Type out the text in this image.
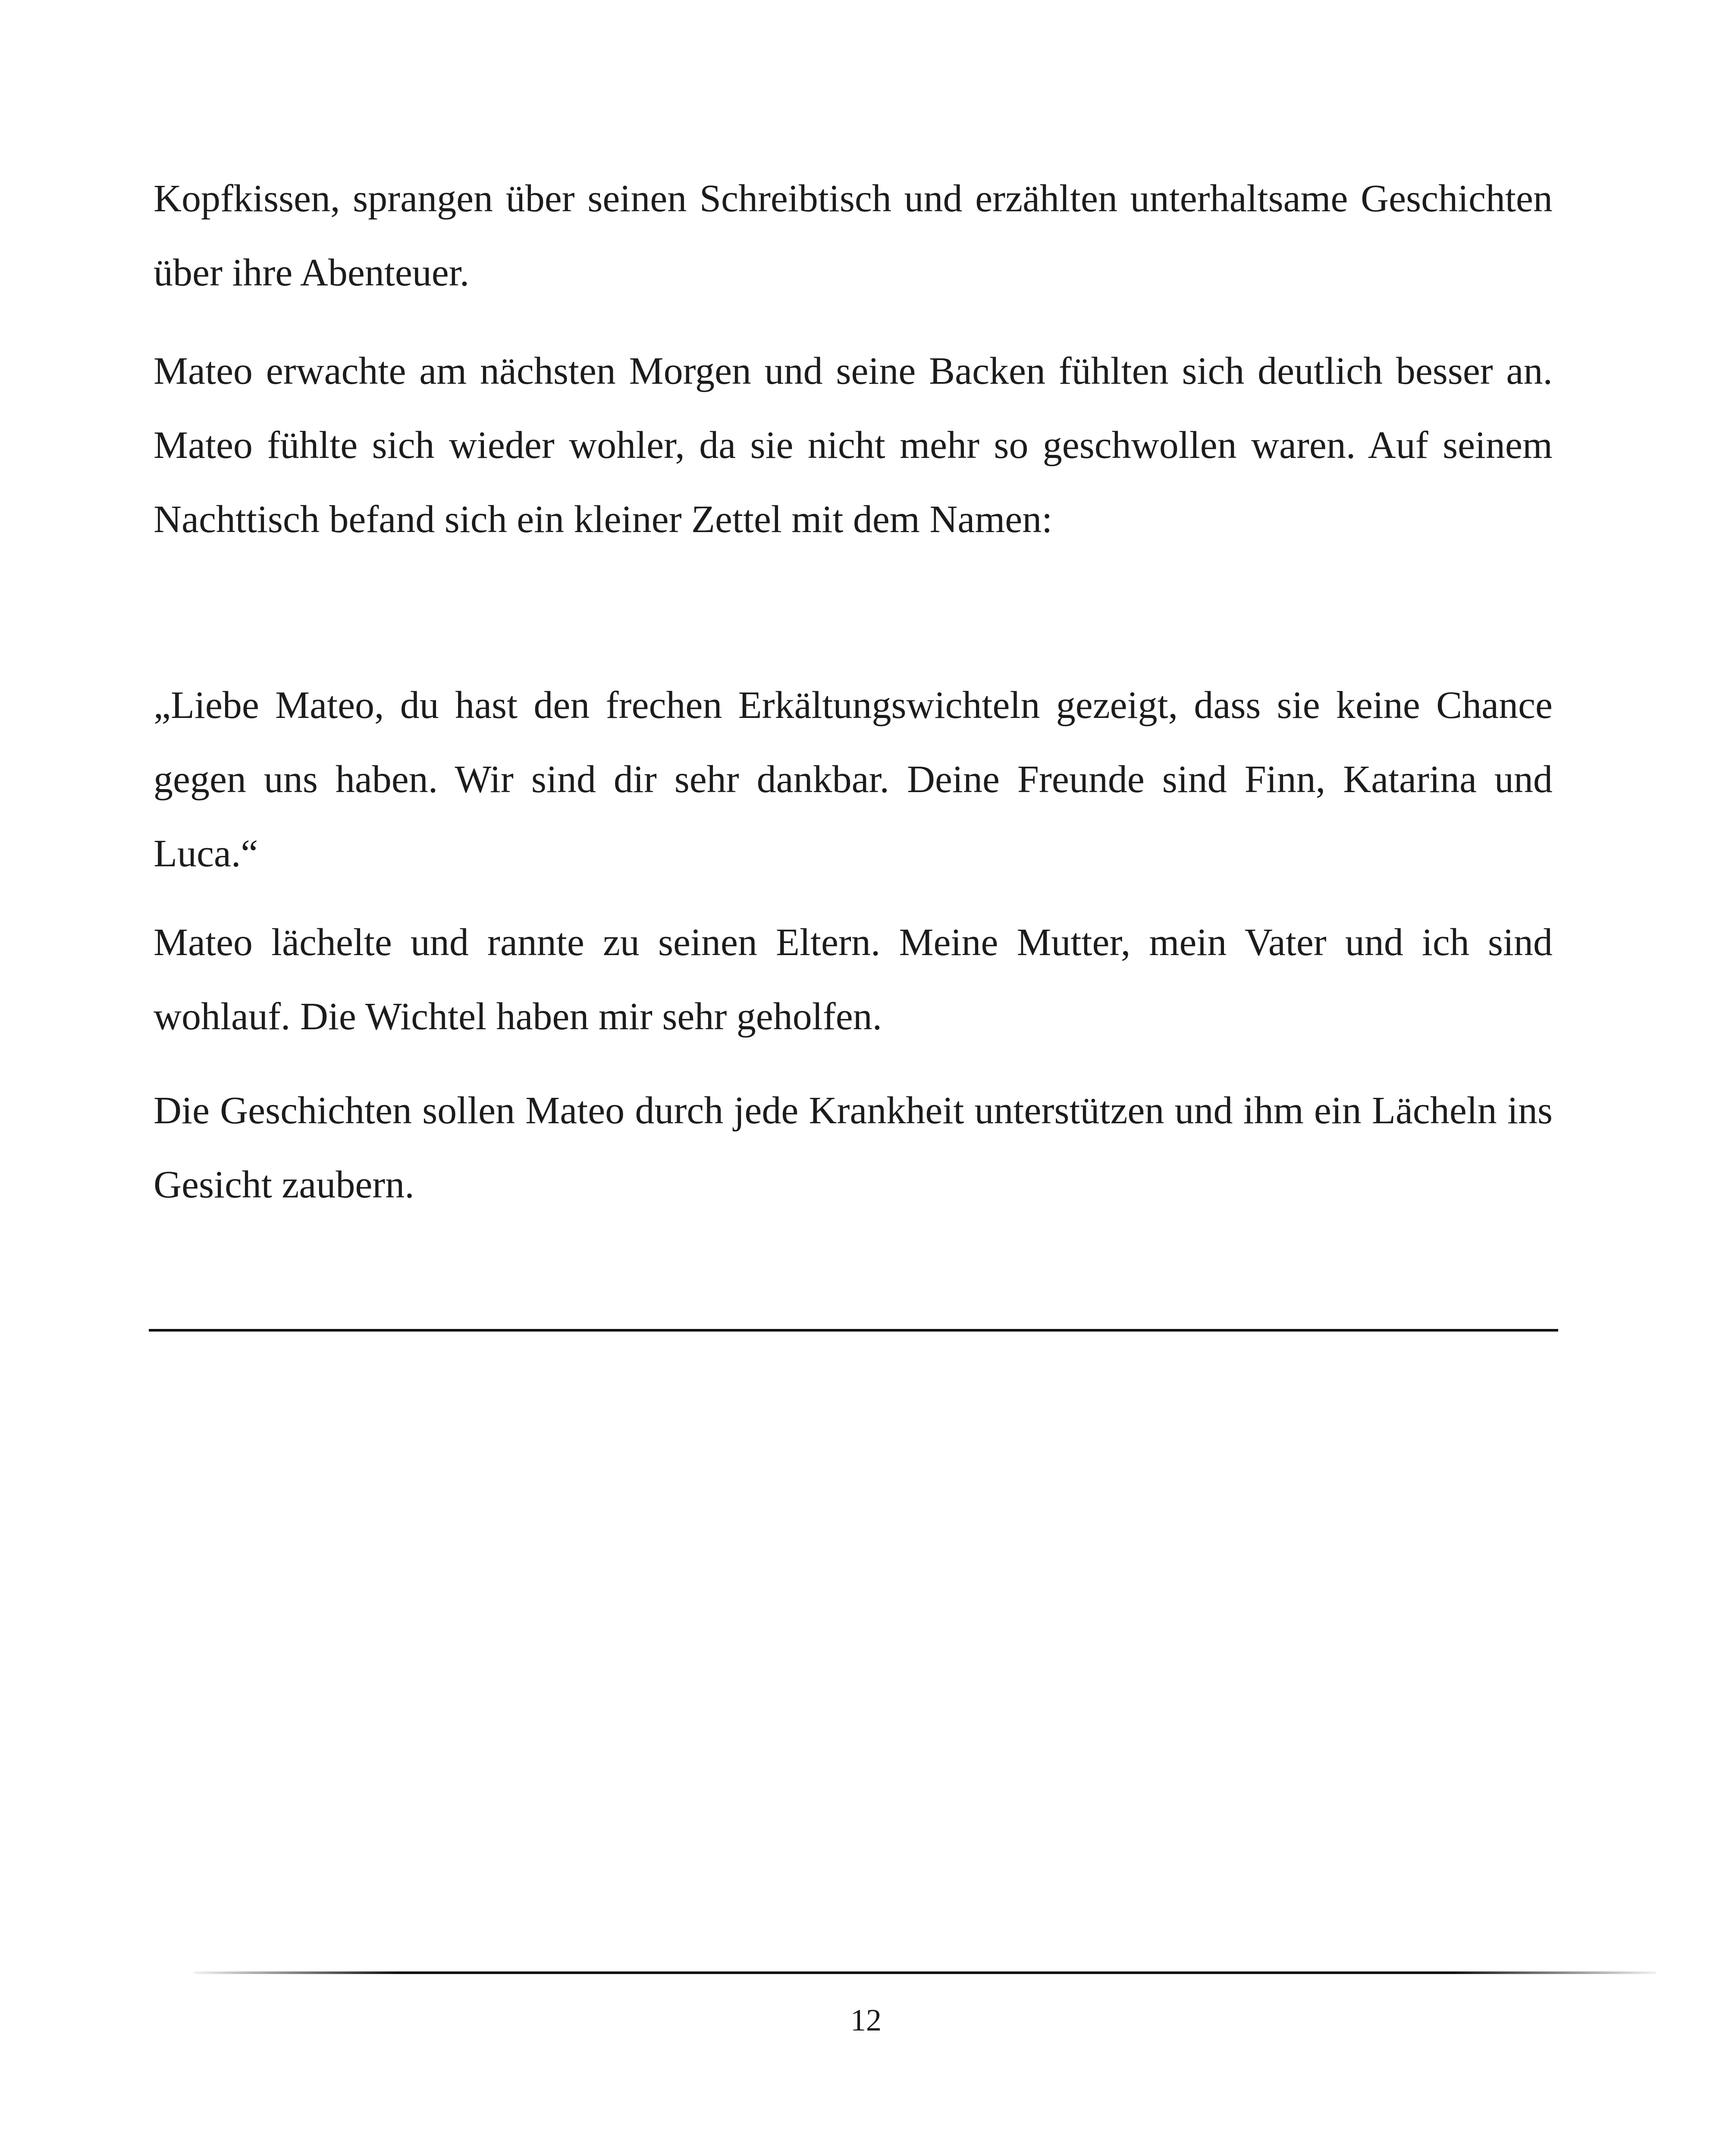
Kopfkissen, sprangen über seinen Schreibtisch und erzählten unterhaltsame Geschichten über ihre Abenteuer.

Mateo erwachte am nächsten Morgen und seine Backen fühlten sich deutlich besser an. Mateo fühlte sich wieder wohler, da sie nicht mehr so geschwollen waren. Auf seinem Nachttisch befand sich ein kleiner Zettel mit dem Namen:

„Liebe Mateo, du hast den frechen Erkältungswichteln gezeigt, dass sie keine Chance gegen uns haben. Wir sind dir sehr dankbar. Deine Freunde sind Finn, Katarina und Luca.“

Mateo lächelte und rannte zu seinen Eltern. Meine Mutter, mein Vater und ich sind wohlauf. Die Wichtel haben mir sehr geholfen.

Die Geschichten sollen Mateo durch jede Krankheit unterstützen und ihm ein Lächeln ins Gesicht zaubern.

12
